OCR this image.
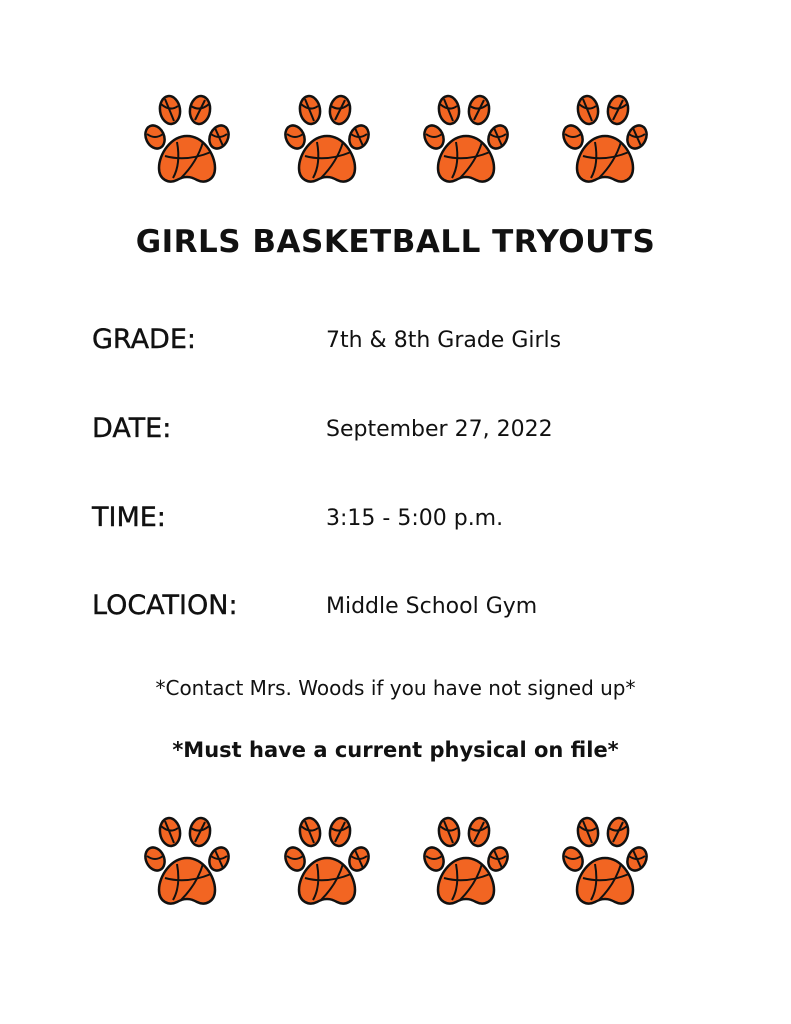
GIRLS BASKETBALL TRYOUTS
GRADE:	7th & 8th Grade Girls
DATE:	September 27, 2022
TIME:	3:15 - 5:00 p.m.
LOCATION:	Middle School Gym
*Contact Mrs. Woods if you have not signed up*
*Must have a current physical on file*
